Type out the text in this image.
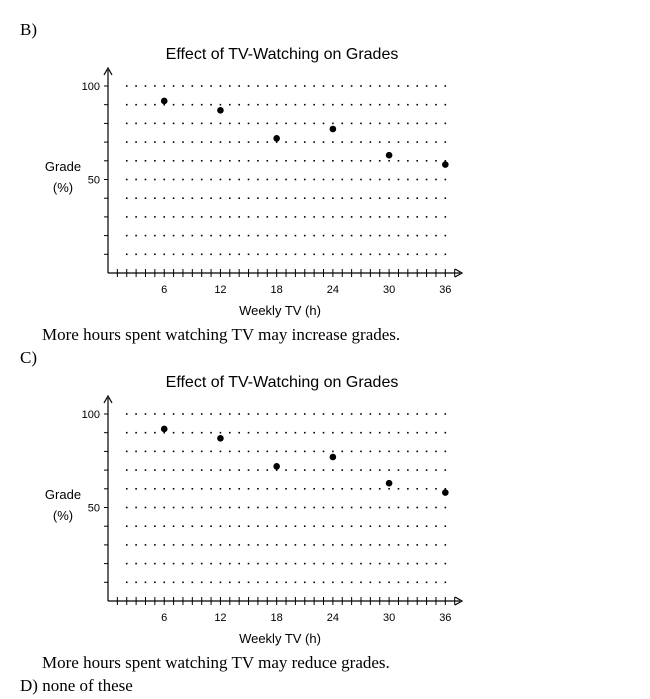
B)
Effect of TV-Watching on Grades
Grade
(%)
Weekly TV (h)
50
100
6	12	18	24	30	36
More hours spent watching TV may increase grades.
C)
Effect of TV-Watching on Grades
Grade
(%)
Weekly TV (h)
50
100
6	12	18	24	30	36
More hours spent watching TV may reduce grades.
D) none of these
